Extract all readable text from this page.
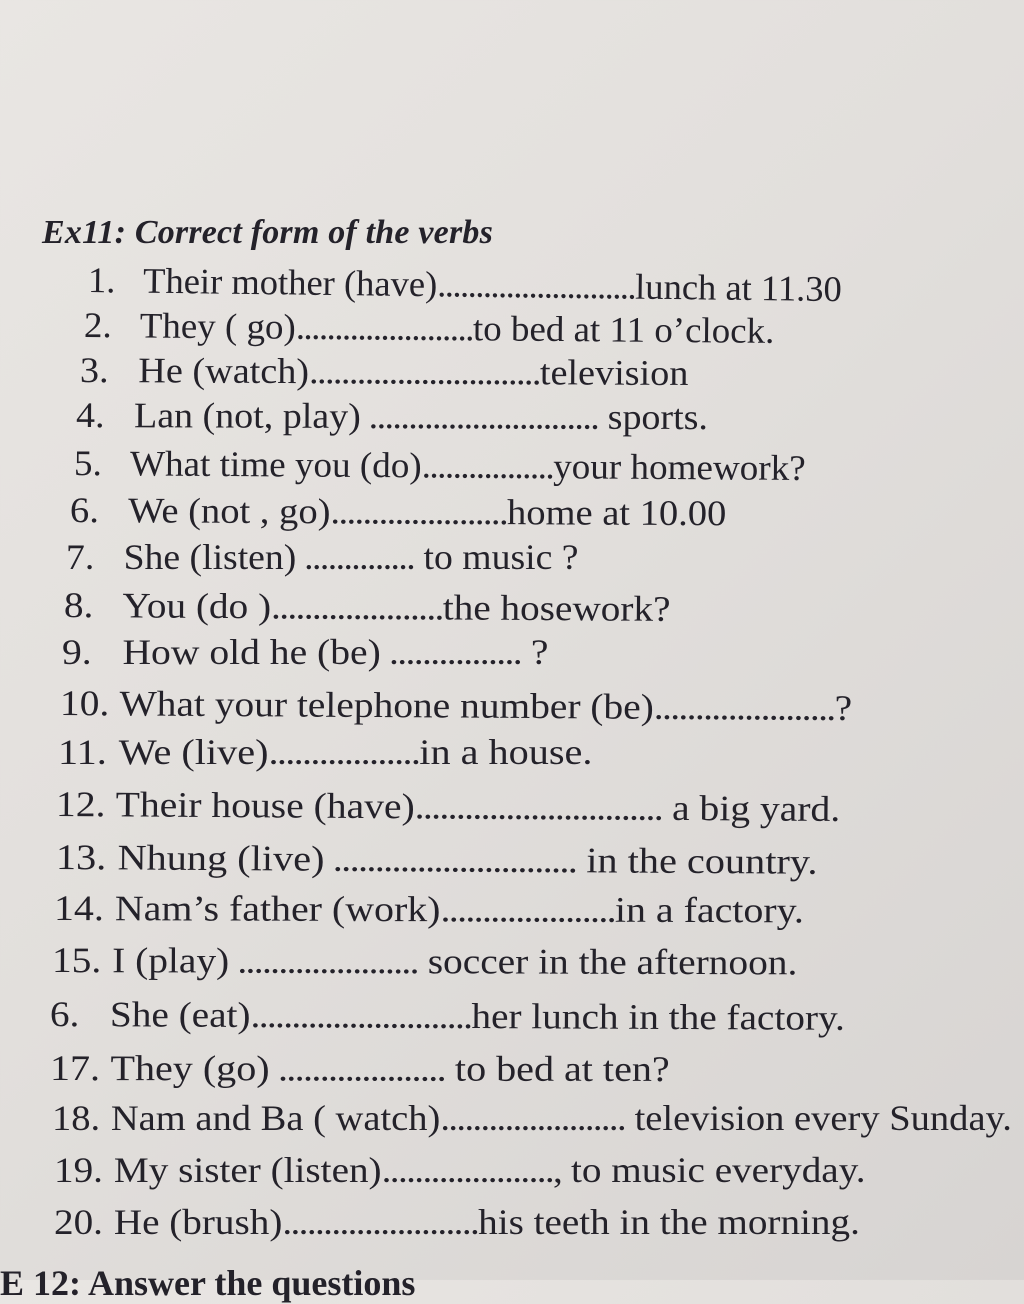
Ex11: Correct form of the verbs
1. Their mother (have)..........................lunch at 11.30
2. They ( go).......................to bed at 11 o’clock.
3. He (watch).............................television
4. Lan (not, play) ............................. sports.
5. What time you (do).................your homework?
6. We (not , go)......................home at 10.00
7. She (listen) .............. to music ?
8. You (do ).....................the hosework?
9. How old he (be) ................ ?
10. What your telephone number (be)......................?
11. We (live)..................in a house.
12. Their house (have).............................. a big yard.
13. Nhung (live) ............................. in the country.
14. Nam’s father (work).....................in a factory.
15. I (play) ...................... soccer in the afternoon.
6. She (eat)...........................her lunch in the factory.
17. They (go) .................... to bed at ten?
18. Nam and Ba ( watch)....................... television every Sunday.
19. My sister (listen)....................., to music everyday.
20. He (brush)........................his teeth in the morning.
E 12: Answer the questions
